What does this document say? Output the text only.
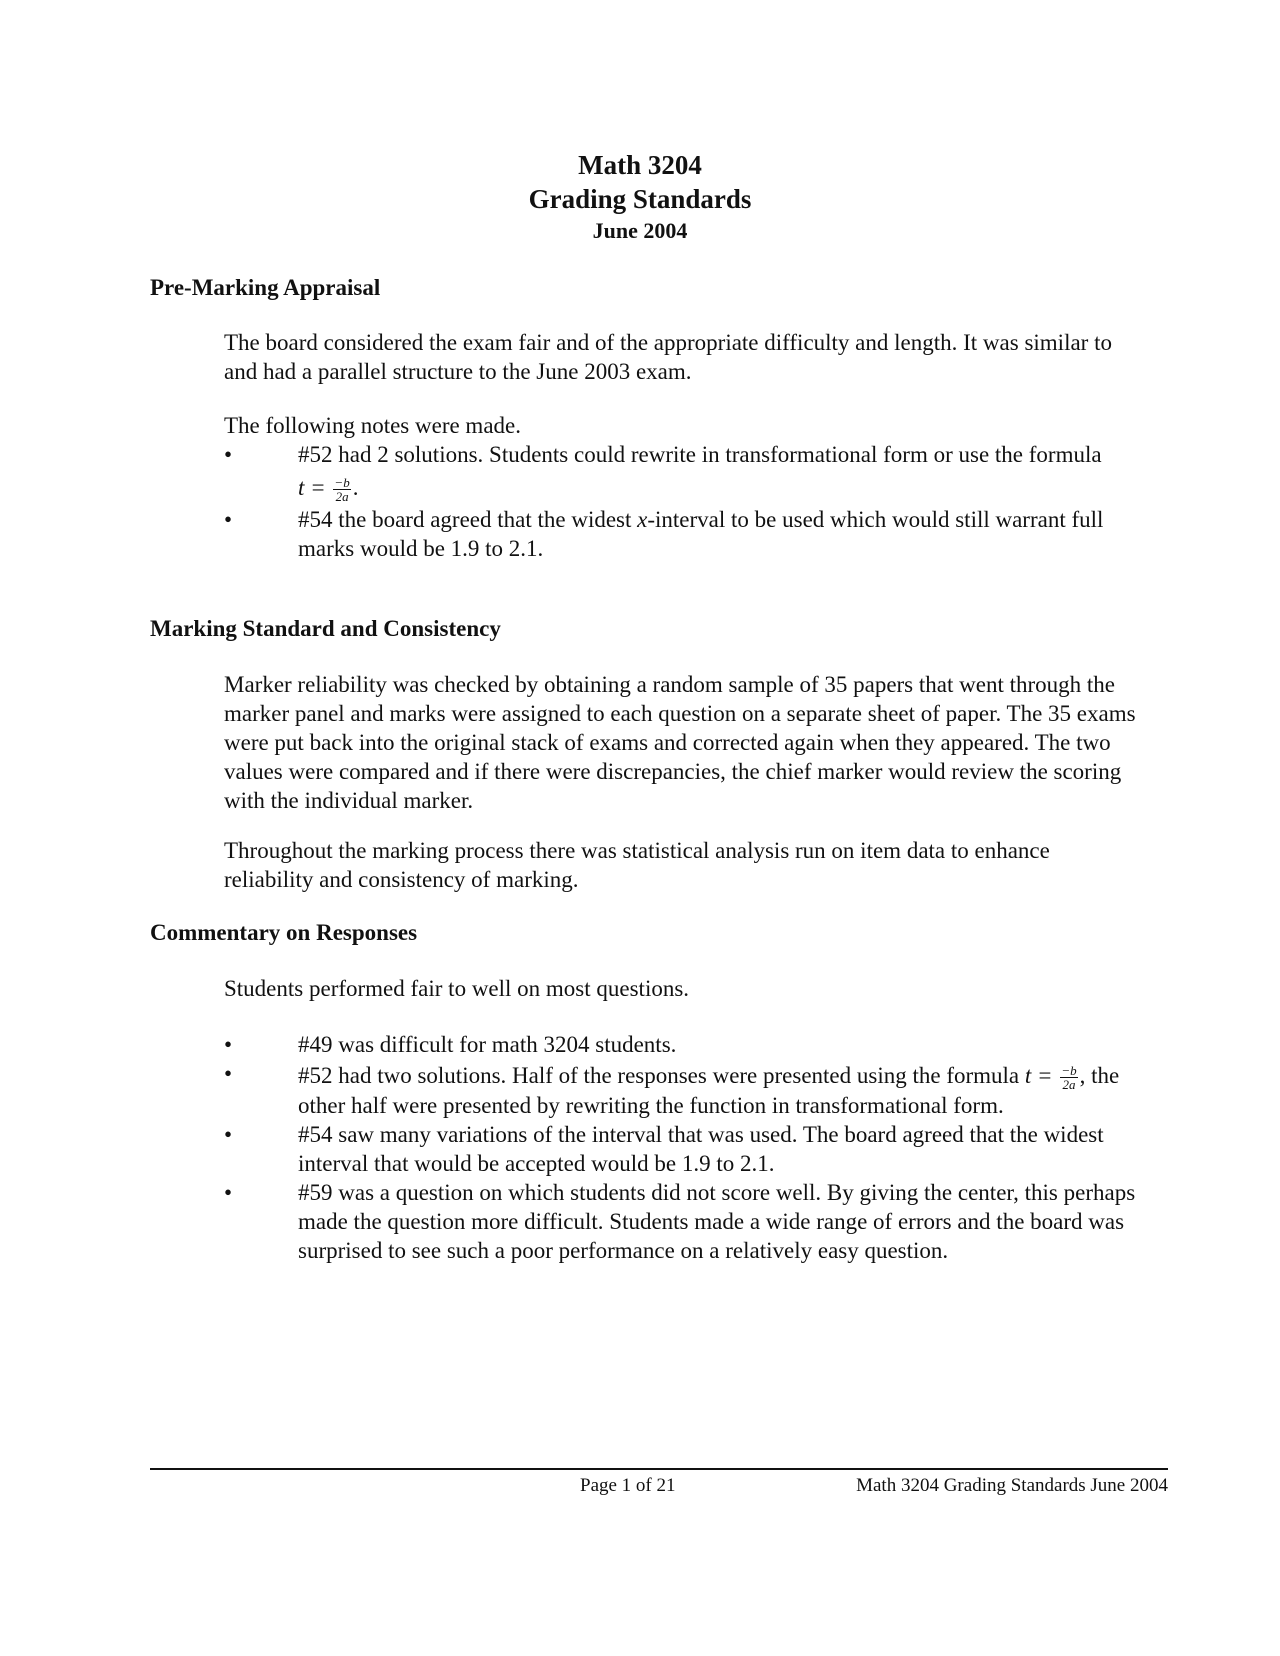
Math 3204
Grading Standards
June 2004
Pre-Marking Appraisal
The board considered the exam fair and of the appropriate difficulty and length. It was similar to and had a parallel structure to the June 2003 exam.
The following notes were made.
•	#52 had 2 solutions. Students could rewrite in transformational form or use the formula $t = \frac{-b}{2a}$ .
•	#54 the board agreed that the widest x-interval to be used which would still warrant full marks would be 1.9 to 2.1.
Marking Standard and Consistency
Marker reliability was checked by obtaining a random sample of 35 papers that went through the marker panel and marks were assigned to each question on a separate sheet of paper. The 35 exams were put back into the original stack of exams and corrected again when they appeared. The two values were compared and if there were discrepancies, the chief marker would review the scoring with the individual marker.
Throughout the marking process there was statistical analysis run on item data to enhance reliability and consistency of marking.
Commentary on Responses
Students performed fair to well on most questions.
•	#49 was difficult for math 3204 students.
•	#52 had two solutions. Half of the responses were presented using the formula $t = \frac{-b}{2a}$ , the other half were presented by rewriting the function in transformational form.
•	#54 saw many variations of the interval that was used. The board agreed that the widest interval that would be accepted would be 1.9 to 2.1.
•	#59 was a question on which students did not score well. By giving the center, this perhaps made the question more difficult. Students made a wide range of errors and the board was surprised to see such a poor performance on a relatively easy question.
Page 1 of 21	Math 3204 Grading Standards June 2004
